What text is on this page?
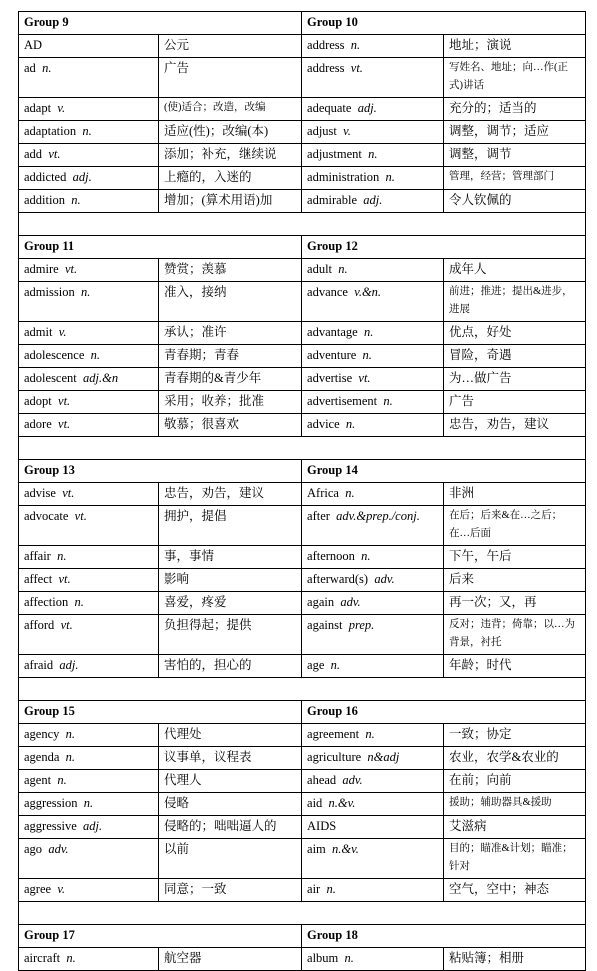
Group 9		Group 10	
AD	公元	address n.	地址；演说
ad n.	广告	address vt.	写姓名、地址；向…作(正式)讲话
adapt v.	(使)适合；改造，改编	adequate adj.	充分的；适当的
adaptation n.	适应(性)；改编(本)	adjust v.	调整，调节；适应
add vt.	添加；补充，继续说	adjustment n.	调整，调节
addicted adj.	上瘾的，入迷的	administration n.	管理，经营；管理部门
addition n.	增加；(算术用语)加	admirable adj.	令人钦佩的

Group 11		Group 12	
admire vt.	赞赏；羡慕	adult n.	成年人
admission n.	准入，接纳	advance v.&n.	前进；推进；提出&进步，进展
admit v.	承认；准许	advantage n.	优点，好处
adolescence n.	青春期；青春	adventure n.	冒险，奇遇
adolescent adj.&n	青春期的&青少年	advertise vt.	为…做广告
adopt vt.	采用；收养；批准	advertisement n.	广告
adore vt.	敬慕；很喜欢	advice n.	忠告，劝告，建议

Group 13		Group 14	
advise vt.	忠告，劝告，建议	Africa n.	非洲
advocate vt.	拥护，提倡	after adv.&prep./conj.	在后；后来&在…之后；在…后面
affair n.	事，事情	afternoon n.	下午，午后
affect vt.	影响	afterward(s) adv.	后来
affection n.	喜爱，疼爱	again adv.	再一次；又，再
afford vt.	负担得起；提供	against prep.	反对；违背；倚靠；以…为背景，衬托
afraid adj.	害怕的，担心的	age n.	年龄；时代

Group 15		Group 16	
agency n.	代理处	agreement n.	一致；协定
agenda n.	议事单，议程表	agriculture n&adj	农业，农学&农业的
agent n.	代理人	ahead adv.	在前；向前
aggression n.	侵略	aid n.&v.	援助；辅助器具&援助
aggressive adj.	侵略的；咄咄逼人的	AIDS	艾滋病
ago adv.	以前	aim n.&v.	目的；瞄准&计划；瞄准；针对
agree v.	同意；一致	air n.	空气，空中；神态

Group 17		Group 18	
aircraft n.	航空器	album n.	粘贴簿；相册
